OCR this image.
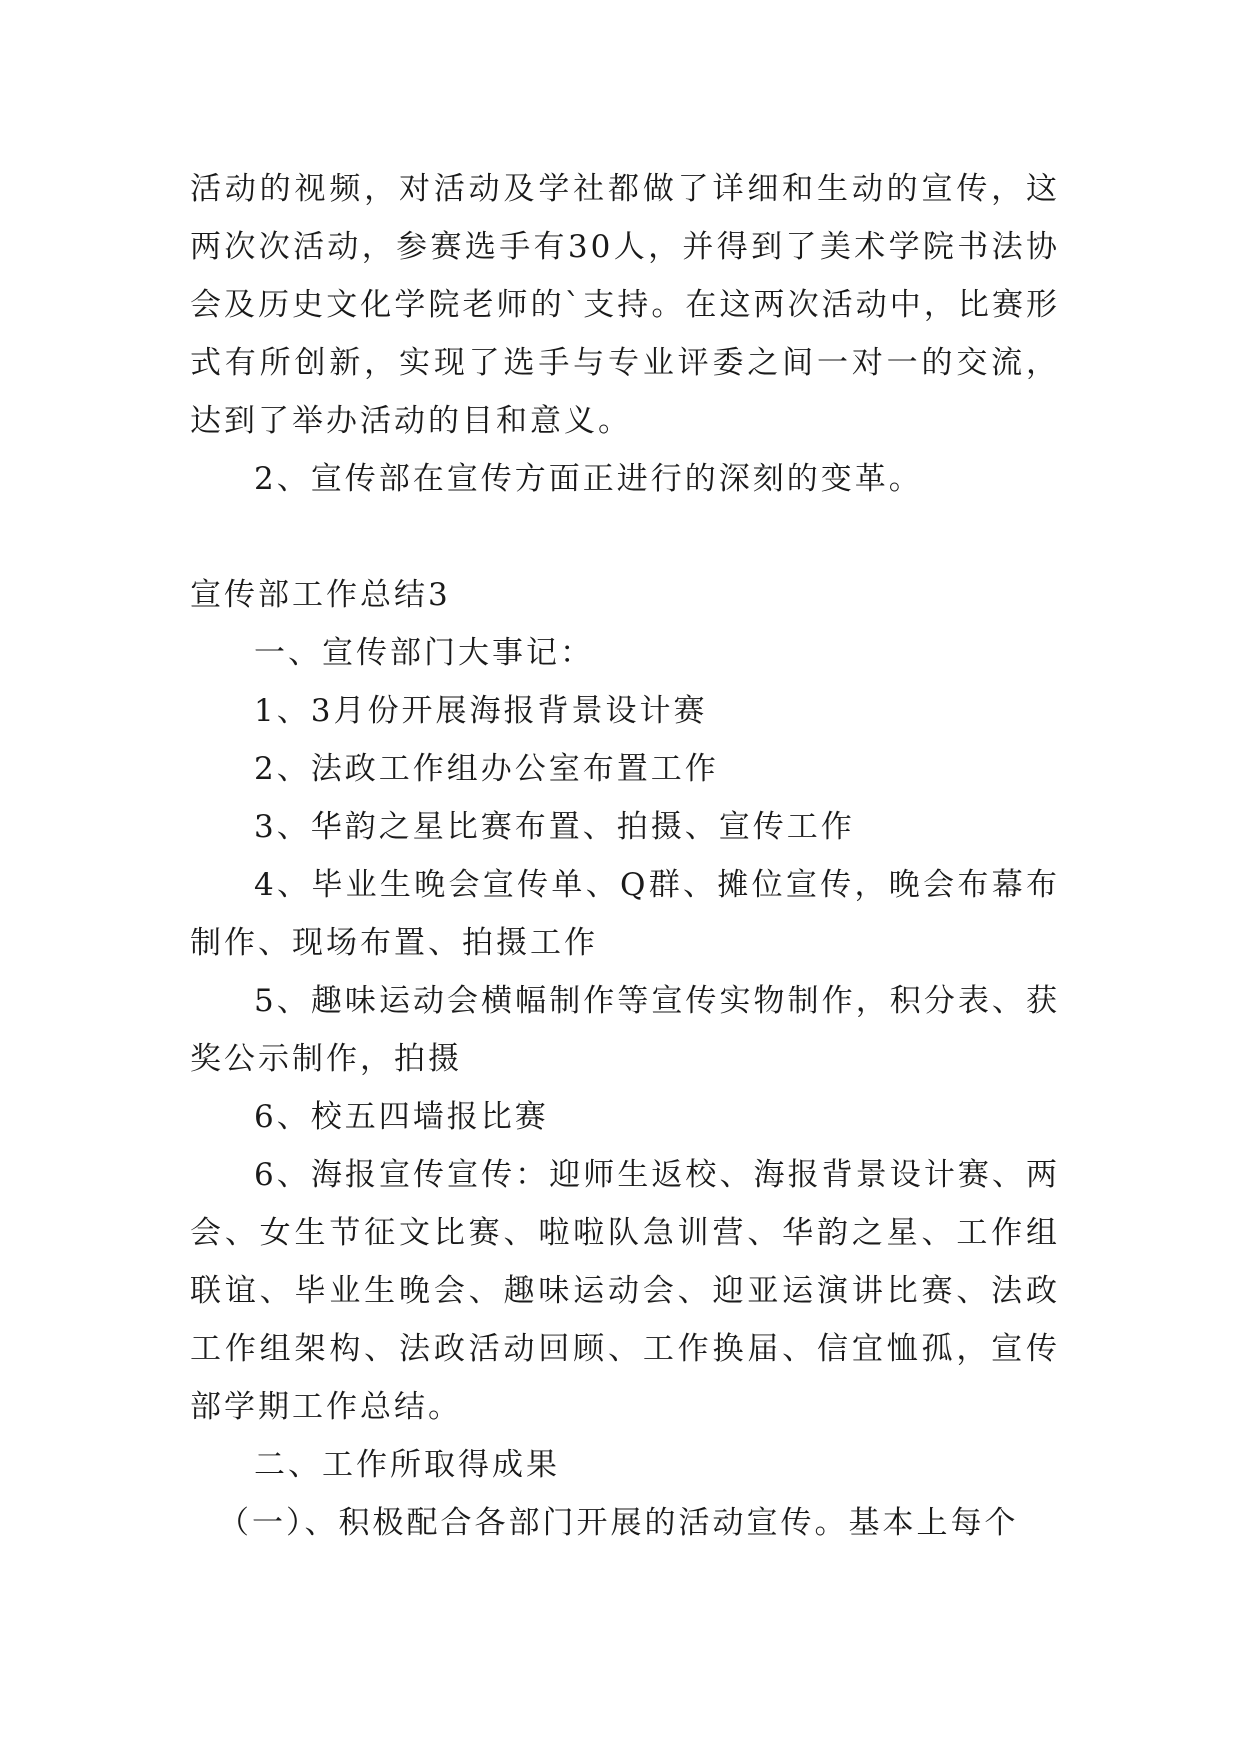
活动的视频，对活动及学社都做了详细和生动的宣传，这两次次活动，参赛选手有30人，并得到了美术学院书法协会及历史文化学院老师的`支持。在这两次活动中，比赛形式有所创新，实现了选手与专业评委之间一对一的交流，达到了举办活动的目和意义。

2、宣传部在宣传方面正进行的深刻的变革。

宣传部工作总结3

一、宣传部门大事记：

1、3月份开展海报背景设计赛

2、法政工作组办公室布置工作

3、华韵之星比赛布置、拍摄、宣传工作

4、毕业生晚会宣传单、Q群、摊位宣传，晚会布幕布制作、现场布置、拍摄工作

5、趣味运动会横幅制作等宣传实物制作，积分表、获奖公示制作，拍摄

6、校五四墙报比赛

6、海报宣传宣传：迎师生返校、海报背景设计赛、两会、女生节征文比赛、啦啦队急训营、华韵之星、工作组联谊、毕业生晚会、趣味运动会、迎亚运演讲比赛、法政工作组架构、法政活动回顾、工作换届、信宜恤孤，宣传部学期工作总结。

二、工作所取得成果

（一）、积极配合各部门开展的活动宣传。基本上每个
